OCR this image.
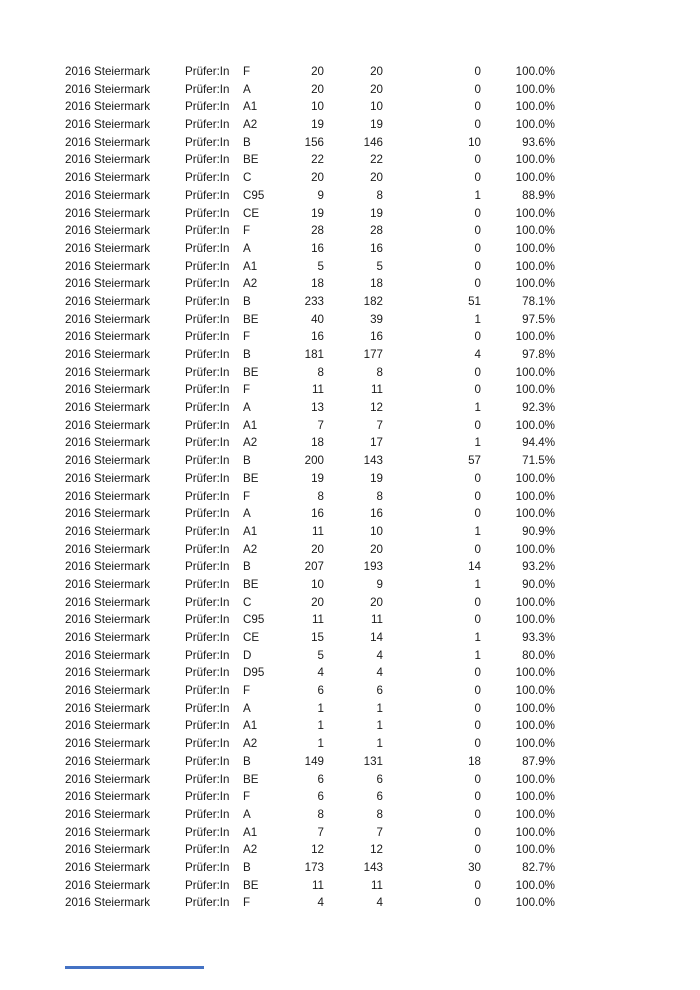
2016 Steiermark	Prüfer:In	F	20	20	0	100.0%
2016 Steiermark	Prüfer:In	A	20	20	0	100.0%
2016 Steiermark	Prüfer:In	A1	10	10	0	100.0%
2016 Steiermark	Prüfer:In	A2	19	19	0	100.0%
2016 Steiermark	Prüfer:In	B	156	146	10	93.6%
2016 Steiermark	Prüfer:In	BE	22	22	0	100.0%
2016 Steiermark	Prüfer:In	C	20	20	0	100.0%
2016 Steiermark	Prüfer:In	C95	9	8	1	88.9%
2016 Steiermark	Prüfer:In	CE	19	19	0	100.0%
2016 Steiermark	Prüfer:In	F	28	28	0	100.0%
2016 Steiermark	Prüfer:In	A	16	16	0	100.0%
2016 Steiermark	Prüfer:In	A1	5	5	0	100.0%
2016 Steiermark	Prüfer:In	A2	18	18	0	100.0%
2016 Steiermark	Prüfer:In	B	233	182	51	78.1%
2016 Steiermark	Prüfer:In	BE	40	39	1	97.5%
2016 Steiermark	Prüfer:In	F	16	16	0	100.0%
2016 Steiermark	Prüfer:In	B	181	177	4	97.8%
2016 Steiermark	Prüfer:In	BE	8	8	0	100.0%
2016 Steiermark	Prüfer:In	F	11	11	0	100.0%
2016 Steiermark	Prüfer:In	A	13	12	1	92.3%
2016 Steiermark	Prüfer:In	A1	7	7	0	100.0%
2016 Steiermark	Prüfer:In	A2	18	17	1	94.4%
2016 Steiermark	Prüfer:In	B	200	143	57	71.5%
2016 Steiermark	Prüfer:In	BE	19	19	0	100.0%
2016 Steiermark	Prüfer:In	F	8	8	0	100.0%
2016 Steiermark	Prüfer:In	A	16	16	0	100.0%
2016 Steiermark	Prüfer:In	A1	11	10	1	90.9%
2016 Steiermark	Prüfer:In	A2	20	20	0	100.0%
2016 Steiermark	Prüfer:In	B	207	193	14	93.2%
2016 Steiermark	Prüfer:In	BE	10	9	1	90.0%
2016 Steiermark	Prüfer:In	C	20	20	0	100.0%
2016 Steiermark	Prüfer:In	C95	11	11	0	100.0%
2016 Steiermark	Prüfer:In	CE	15	14	1	93.3%
2016 Steiermark	Prüfer:In	D	5	4	1	80.0%
2016 Steiermark	Prüfer:In	D95	4	4	0	100.0%
2016 Steiermark	Prüfer:In	F	6	6	0	100.0%
2016 Steiermark	Prüfer:In	A	1	1	0	100.0%
2016 Steiermark	Prüfer:In	A1	1	1	0	100.0%
2016 Steiermark	Prüfer:In	A2	1	1	0	100.0%
2016 Steiermark	Prüfer:In	B	149	131	18	87.9%
2016 Steiermark	Prüfer:In	BE	6	6	0	100.0%
2016 Steiermark	Prüfer:In	F	6	6	0	100.0%
2016 Steiermark	Prüfer:In	A	8	8	0	100.0%
2016 Steiermark	Prüfer:In	A1	7	7	0	100.0%
2016 Steiermark	Prüfer:In	A2	12	12	0	100.0%
2016 Steiermark	Prüfer:In	B	173	143	30	82.7%
2016 Steiermark	Prüfer:In	BE	11	11	0	100.0%
2016 Steiermark	Prüfer:In	F	4	4	0	100.0%
